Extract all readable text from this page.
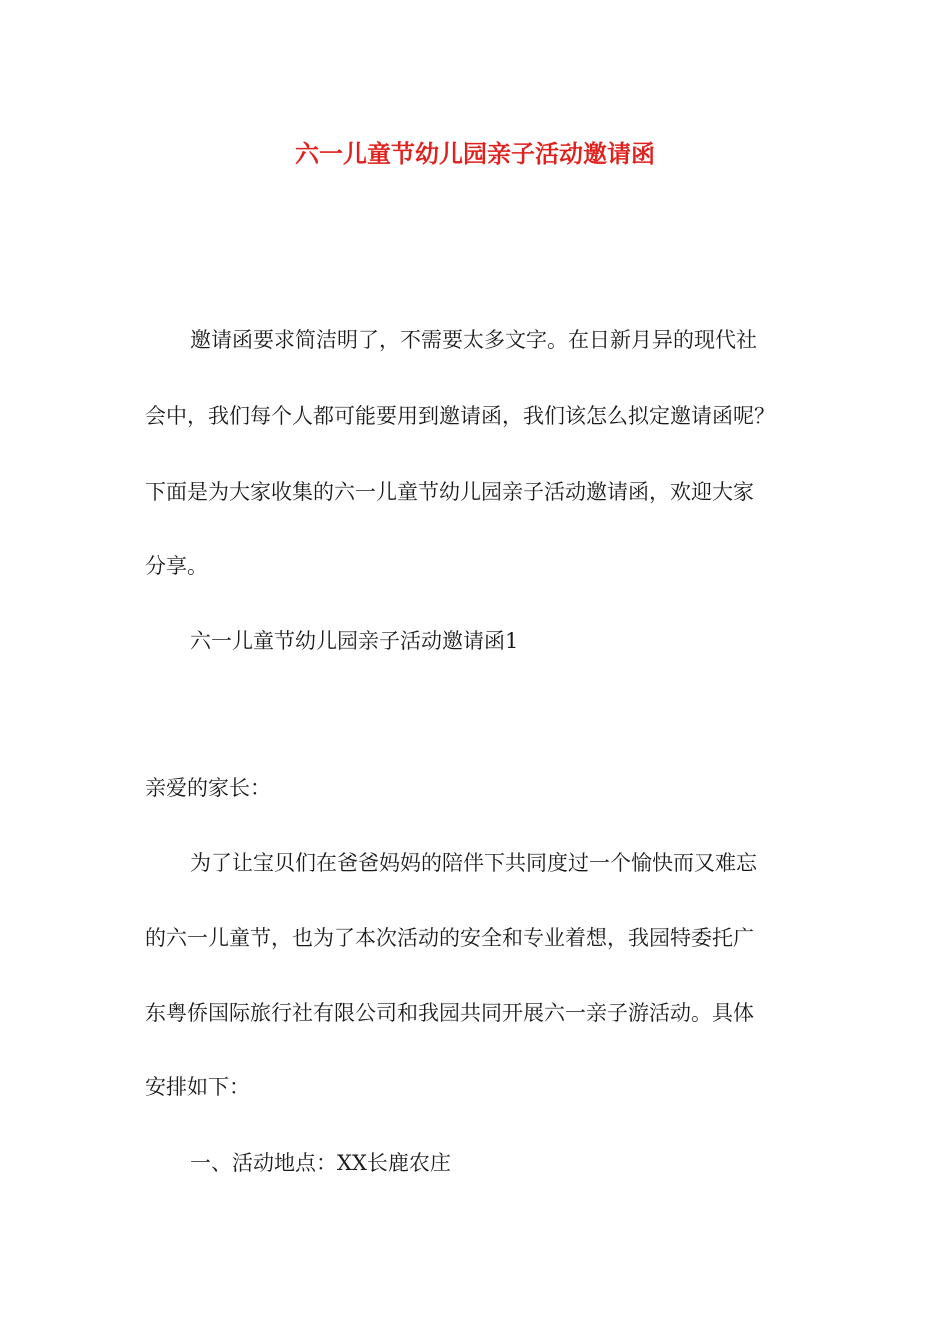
六一儿童节幼儿园亲子活动邀请函
邀请函要求简洁明了，不需要太多文字。在日新月异的现代社
会中，我们每个人都可能要用到邀请函，我们该怎么拟定邀请函呢？
下面是为大家收集的六一儿童节幼儿园亲子活动邀请函，欢迎大家
分享。
六一儿童节幼儿园亲子活动邀请函1
亲爱的家长：
为了让宝贝们在爸爸妈妈的陪伴下共同度过一个愉快而又难忘
的六一儿童节，也为了本次活动的安全和专业着想，我园特委托广
东粤侨国际旅行社有限公司和我园共同开展六一亲子游活动。具体
安排如下：
一、活动地点：XX长鹿农庄
